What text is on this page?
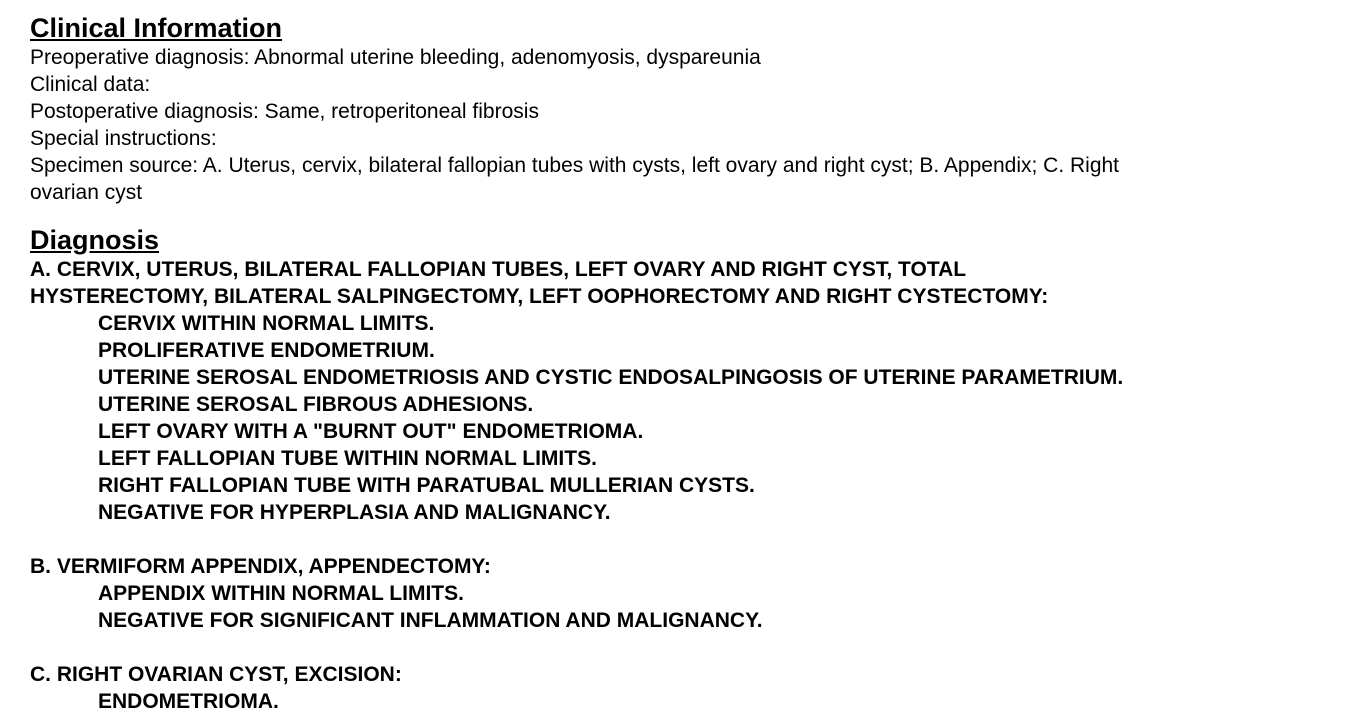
Clinical Information

Preoperative diagnosis: Abnormal uterine bleeding, adenomyosis, dyspareunia

Clinical data:

Postoperative diagnosis: Same, retroperitoneal fibrosis

Special instructions:

Specimen source: A. Uterus, cervix, bilateral fallopian tubes with cysts, left ovary and right cyst; B. Appendix; C. Right

ovarian cyst

Diagnosis

A. CERVIX, UTERUS, BILATERAL FALLOPIAN TUBES, LEFT OVARY AND RIGHT CYST, TOTAL

HYSTERECTOMY, BILATERAL SALPINGECTOMY, LEFT OOPHORECTOMY AND RIGHT CYSTECTOMY:

CERVIX WITHIN NORMAL LIMITS.

PROLIFERATIVE ENDOMETRIUM.

UTERINE SEROSAL ENDOMETRIOSIS AND CYSTIC ENDOSALPINGOSIS OF UTERINE PARAMETRIUM.

UTERINE SEROSAL FIBROUS ADHESIONS.

LEFT OVARY WITH A "BURNT OUT" ENDOMETRIOMA.

LEFT FALLOPIAN TUBE WITHIN NORMAL LIMITS.

RIGHT FALLOPIAN TUBE WITH PARATUBAL MULLERIAN CYSTS.

NEGATIVE FOR HYPERPLASIA AND MALIGNANCY.

B. VERMIFORM APPENDIX, APPENDECTOMY:

APPENDIX WITHIN NORMAL LIMITS.

NEGATIVE FOR SIGNIFICANT INFLAMMATION AND MALIGNANCY.

C. RIGHT OVARIAN CYST, EXCISION:

ENDOMETRIOMA.
